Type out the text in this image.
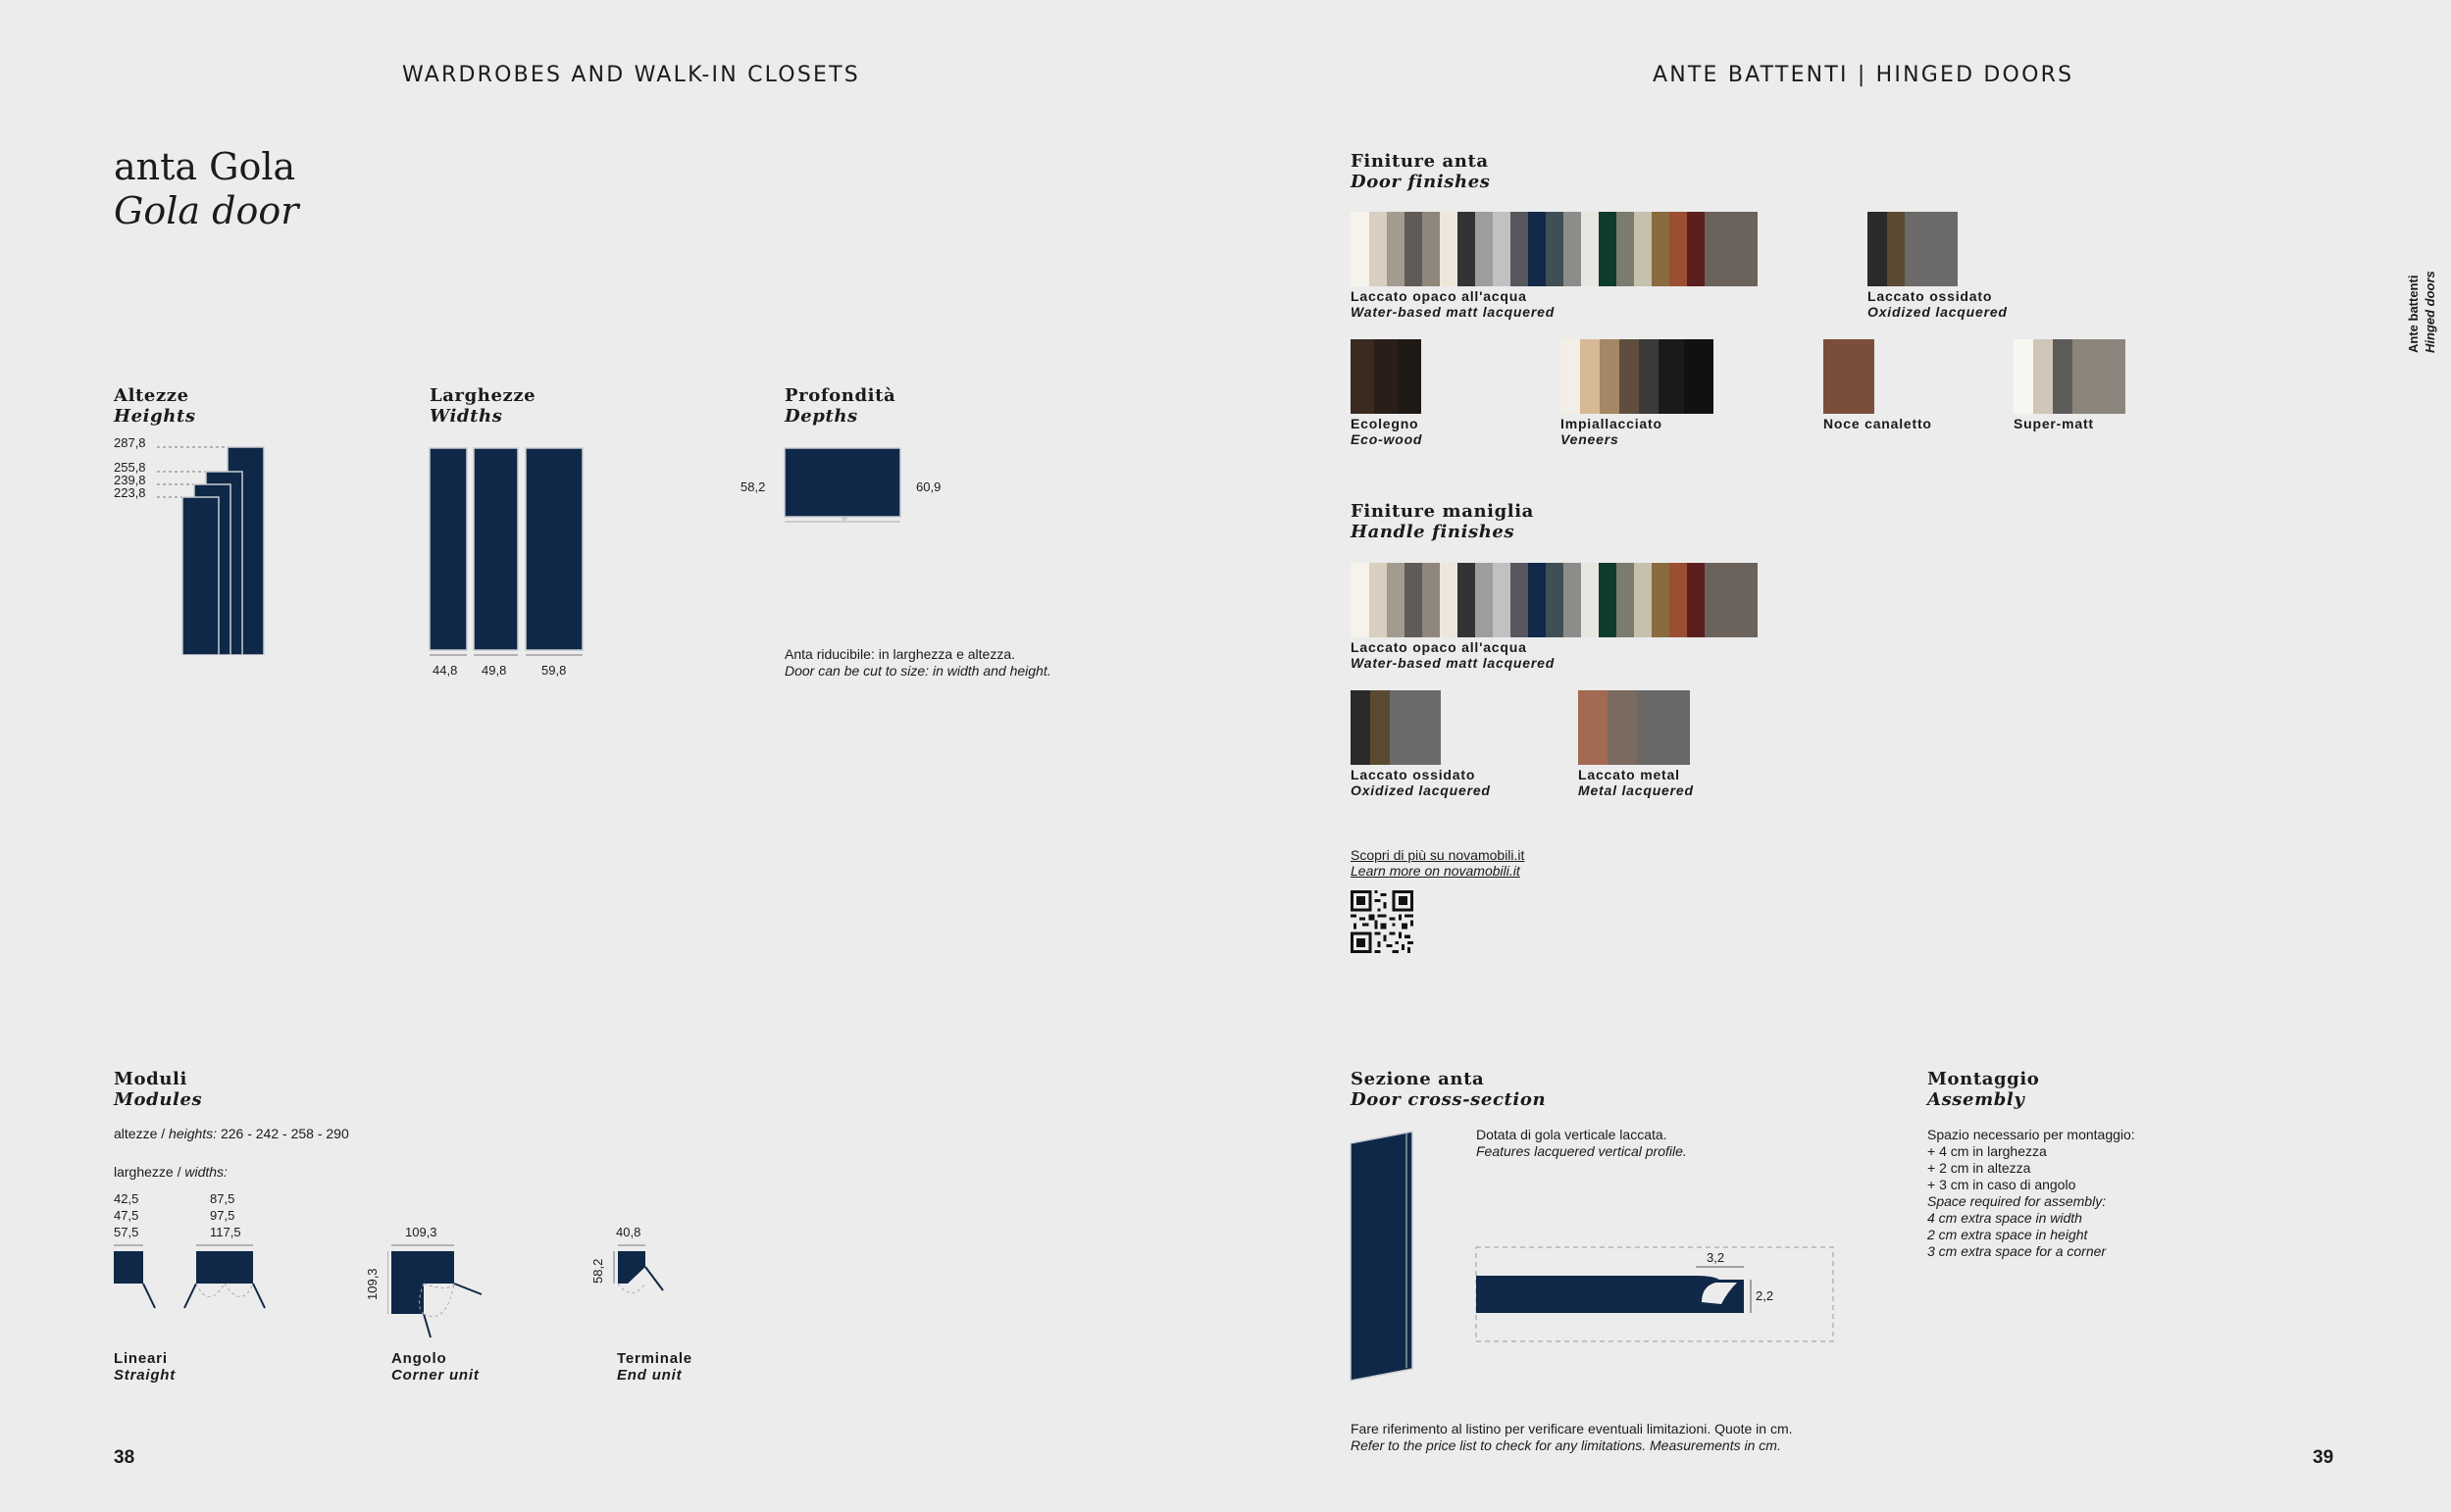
WARDROBES AND WALK-IN CLOSETS	ANTE BATTENTI | HINGED DOORS
anta Gola
Gola door
Altezze
Heights
287,8
255,8
239,8
223,8
Larghezze
Widths
44,8 49,8	59,8
Profondità
Depths
58,2	60,9
Anta riducibile: in larghezza e altezza.
Door can be cut to size: in width and height.
Moduli
Modules
altezze / heights: 226 - 242 - 258 - 290
larghezze / widths:
42,5
47,5
57,5
87,5
97,5
117,5	109,3
109,3
40,8
58,2
Lineari
Straight
Angolo
Corner unit
Terminale
End unit
38
Finiture anta
Door finishes
Laccato opaco all'acqua
Water-based matt lacquered
Laccato ossidato
Oxidized lacquered
Ecolegno
Eco-wood
Impiallacciato
Veneers
Noce canaletto	Super-matt
Finiture maniglia
Handle finishes
Laccato opaco all'acqua
Water-based matt lacquered
Laccato ossidato
Oxidized lacquered
Laccato metal
Metal lacquered
Scopri di più su novamobili.it
Learn more on novamobili.it
Sezione anta
Door cross-section
Dotata di gola verticale laccata.
Features lacquered vertical profile.
3,2
2,2
Montaggio
Assembly
Spazio necessario per montaggio:
+ 4 cm in larghezza
+ 2 cm in altezza
+ 3 cm in caso di angolo
Space required for assembly:
4 cm extra space in width
2 cm extra space in height
3 cm extra space for a corner
Fare riferimento al listino per verificare eventuali limitazioni. Quote in cm.
Refer to the price list to check for any limitations. Measurements in cm.
39
Ante battenti Hinged doors
